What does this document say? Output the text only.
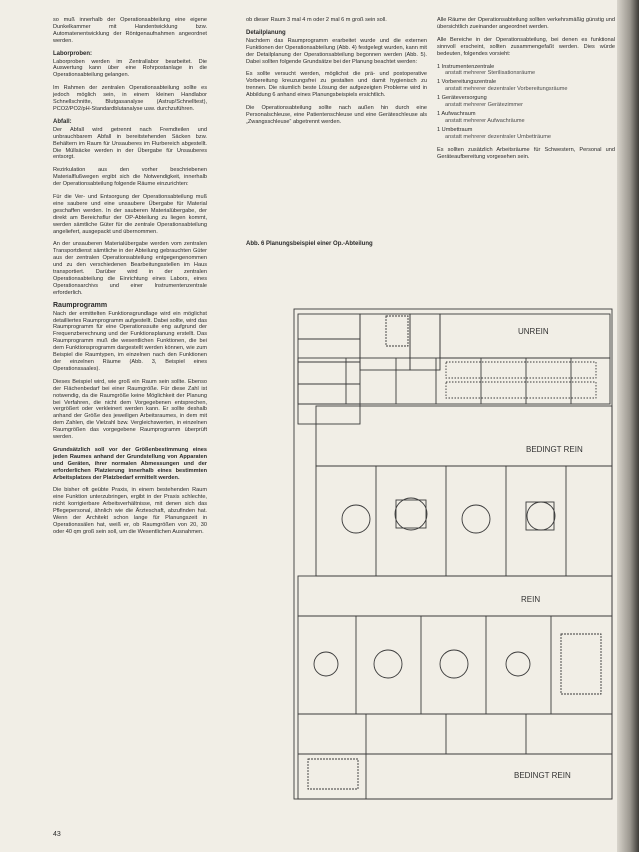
so muß innerhalb der Operationsabteilung eine eigene Dunkelkammer mit Handentwicklung bzw. Automatenentwicklung der Röntgenaufnahmen angeordnet werden.

Laborproben:

Laborproben werden im Zentrallabor bearbeitet. Die Auswertung kann über eine Rohrpostanlage in die Operationsabteilung gelangen.

Im Rahmen der zentralen Operationsabteilung sollte es jedoch möglich sein, in einem kleinen Handlabor Schnellschnitte, Blutgasanalyse (Astrup/Schnelltest), PCO2/PO2/pH-Standardblutanalyse usw. durchzuführen.

Abfall:

Der Abfall wird getrennt nach Fremdteilen und unbrauchbarem Abfall in bereitstehenden Säcken bzw. Behältern im Raum für Unsauberes im Flurbereich abgestellt. Die Müllsäcke werden in der Übergabe für Unsauberes entsorgt.

Rezirkulation aus den vorher beschriebenen Materialflußwegen ergibt sich die Notwendigkeit, innerhalb der Operationsabteilung folgende Räume einzurichten:

Für die Ver- und Entsorgung der Operationsabteilung muß eine saubere und eine unsaubere Übergabe für Material geschaffen werden. In der sauberen Materialübergabe, der direkt am Bereichsflur der OP-Abteilung zu liegen kommt, werden sämtliche Güter für die zentrale Operationsabteilung angeliefert, ausgepackt und übernommen.

An der unsauberen Materialübergabe werden vom zentralen Transportdienst sämtliche in der Abteilung gebrauchten Güter aus der zentralen Operationsabteilung entgegengenommen und zu den verschiedenen Bearbeitungsstellen im Haus transportiert. Darüber wird in der zentralen Operationsabteilung die Einrichtung eines Labors, eines Operationsarchivs und einer Instrumentenzentrale erforderlich.

Raumprogramm

Nach der ermittelten Funktionsgrundlage wird ein möglichst detailliertes Raumprogramm aufgestellt. Dabei sollte, wird das Raumprogramm für eine Operationssuite eng aufgrund der Frequenzberechnung und der Funktionsplanung erstellt. Das Raumprogramm muß die wesentlichen Funktionen, die bei dem Funktionsprogramm dargestellt werden können, wie zum Beispiel die Raumtypen, im einzelnen nach den Funktionen der einzelnen Räume (Abb. 3, Beispiel eines Operationssaales).

Dieses Beispiel wird, wie groß ein Raum sein sollte. Ebenso der Flächenbedarf bei einer Raumgröße. Für diese Zahl ist notwendig, da die Raumgröße keine Möglichkeit der Planung bei Verfahren, die nicht dem Vorgegebenen entsprechen, vergrößert oder verkleinert werden kann. Er sollte deshalb anhand der Größe des jeweiligen Arbeitsraumes, in dem mit dem Zahlen, die Vielzahl bzw. Vergleichswerten, in einzelnen Raumgrößen das vorgegebene Raumprogramm überprüft werden.

Grundsätzlich soll vor der Größenbestimmung eines jeden Raumes anhand der Grundstellung von Apparaten und Geräten, ihrer normalen Abmessungen und der erforderlichen Platzierung innerhalb eines bestimmten Arbeitsplatzes der Platzbedarf ermittelt werden.

Die bisher oft geübte Praxis, in einem bestehenden Raum eine Funktion unterzubringen, ergibt in der Praxis schlechte, nicht korrigierbare Arbeitsverhältnisse, mit denen sich das Pflegepersonal, ähnlich wie die Ärzteschaft, abzufinden hat. Wenn der Architekt schon lange für Planungszeit in Operationssälen hat, weiß er, ob Raumgrößen von 20, 30 oder 40 qm groß sein soll, um die Wesentlichen Ausnahmen.

ob dieser Raum 3 mal 4 m oder 2 mal 6 m groß sein soll.

Detailplanung

Nachdem das Raumprogramm erarbeitet wurde und die externen Funktionen der Operationsabteilung (Abb. 4) festgelegt wurden, kann mit der Detailplanung der Operationsabteilung begonnen werden (Abb. 5). Dabei sollten folgende Grundsätze bei der Planung beachtet werden:

Es sollte versucht werden, möglichst die prä- und postoperative Vorbereitung kreuzungsfrei zu gestalten und damit hygienisch zu trennen. Die räumlich beste Lösung der aufgezeigten Probleme wird in Abbildung 6 anhand eines Planungsbeispiels ersichtlich.

Die Operationsabteilung sollte nach außen hin durch eine Personalschleuse, eine Patientenschleuse und eine Geräteschleuse als „Zwangsschleuse“ abgetrennt werden.

Alle Räume der Operationsabteilung sollten verkehrsmäßig günstig und übersichtlich zueinander angeordnet werden.

Alle Bereiche in der Operationsabteilung, bei denen es funktional sinnvoll erscheint, sollten zusammengefaßt werden. Dies würde bedeuten, folgendes vorsieht:

1 Instrumentenzentrale
anstatt mehrerer Sterilisationsräume
1 Vorbereitungszentrale
anstatt mehrerer dezentraler Vorbereitungsräume
1 Geräteversorgung
anstatt mehrerer Gerätezimmer
1 Aufwachraum
anstatt mehrerer Aufwachräume
1 Umbettraum
anstatt mehrerer dezentraler Umbetträume

Es sollten zusätzlich Arbeitsräume für Schwestern, Personal und Geräteaufbereitung vorgesehen sein.

Abb. 6 Planungsbeispiel einer Op.-Abteilung
UNREIN
BEDINGT REIN
REIN
BEDINGT REIN
43
